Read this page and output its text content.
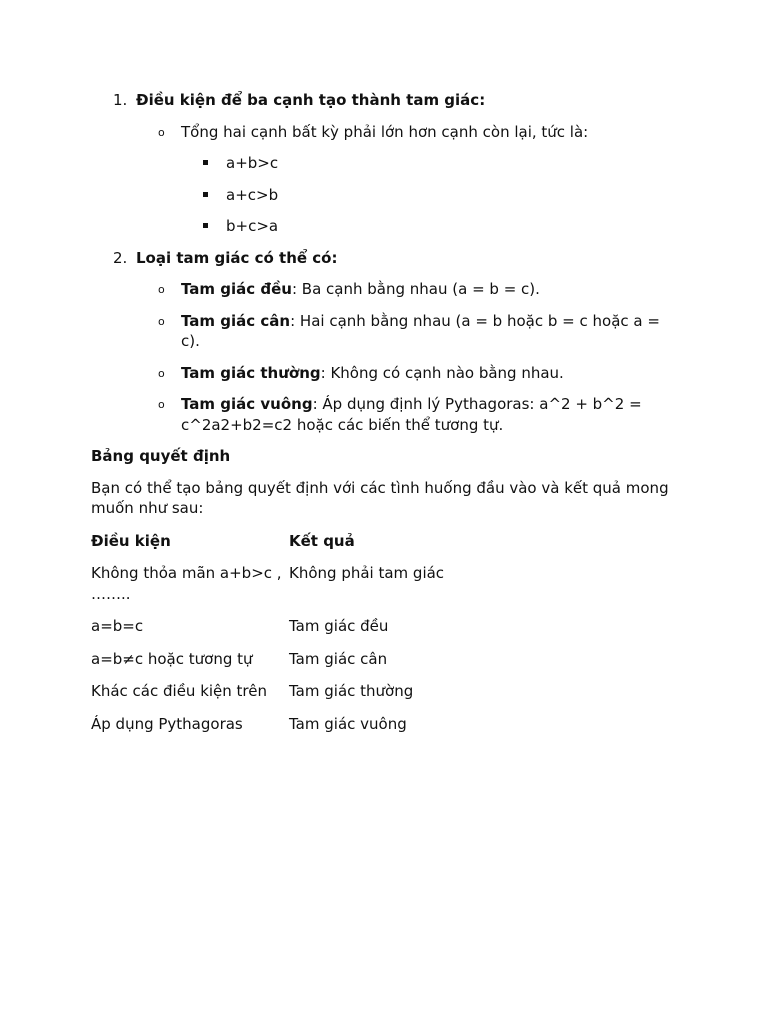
1. Điều kiện để ba cạnh tạo thành tam giác:
o Tổng hai cạnh bất kỳ phải lớn hơn cạnh còn lại, tức là:
a+b>c
a+c>b
b+c>a
2. Loại tam giác có thể có:
o Tam giác đều: Ba cạnh bằng nhau (a = b = c).
o Tam giác cân: Hai cạnh bằng nhau (a = b hoặc b = c hoặc a = c).
o Tam giác thường: Không có cạnh nào bằng nhau.
o Tam giác vuông: Áp dụng định lý Pythagoras: a^2 + b^2 = c^2a2+b2=c2 hoặc các biến thể tương tự.
Bảng quyết định
Bạn có thể tạo bảng quyết định với các tình huống đầu vào và kết quả mong muốn như sau:
Điều kiện	Kết quả
Không thỏa mãn a+b>c , ……..	Không phải tam giác
a=b=c	Tam giác đều
a=b≠c hoặc tương tự	Tam giác cân
Khác các điều kiện trên	Tam giác thường
Áp dụng Pythagoras	Tam giác vuông
